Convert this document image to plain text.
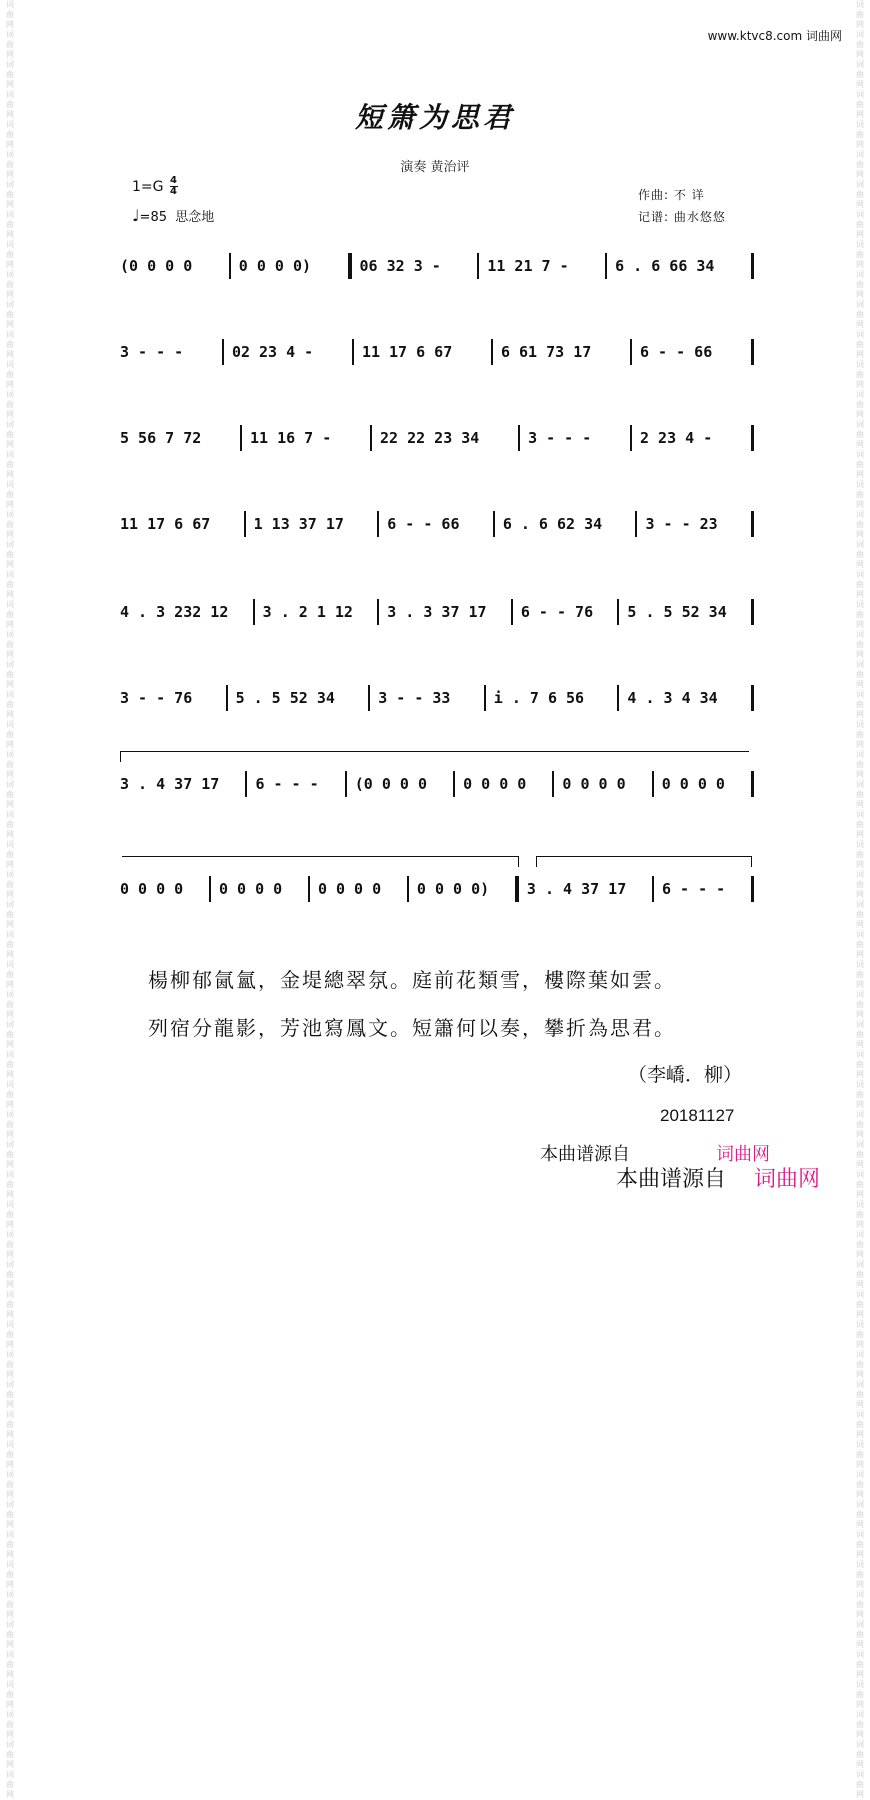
词
曲
网
词
曲
网
词
曲
网
词
曲
网
词
曲
网
词
曲
网
词
曲
网
词
曲
网
词
曲
网
词
曲
网
词
曲
网
词
曲
网
词
曲
网
词
曲
网
词
曲
网
词
曲
网
词
曲
网
词
曲
网
词
曲
网
词
曲
网
词
曲
网
词
曲
网
词
曲
网
词
曲
网
词
曲
网
词
曲
网
词
曲
网
词
曲
网
词
曲
网
词
曲
网
词
曲
网
词
曲
网
词
曲
网
词
曲
网
词
曲
网
词
曲
网
词
曲
网
词
曲
网
词
曲
网
词
曲
网
词
曲
网
词
曲
网
词
曲
网
词
曲
网
词
曲
网
词
曲
网
词
曲
网
词
曲
网
词
曲
网
词
曲
网
词
曲
网
词
曲
网
词
曲
网
词
曲
网
词
曲
网
词
曲
网
词
曲
网
词
曲
网
词
曲
网
词
曲
网
词
曲
网
词
曲
网
词
曲
网
词
曲
网
词
曲
网
词
曲
网
词
曲
网
词
曲
网
词
曲
网
词
曲
网
词
曲
网
词
曲
网
词
曲
网
词
曲
网
词
曲
网
词
曲
网
词
曲
网
词
曲
网
词
曲
网
词
曲
网
词
曲
网
词
曲
网
词
曲
网
词
曲
网
词
曲
网
词
曲
网
词
曲
网
词
曲
网
词
曲
网
词
曲
网
词
曲
网
词
曲
网
词
曲
网
词
曲
网
词
曲
网
词
曲
网
词
曲
网
词
曲
网
词
曲
网
词
曲
网
词
曲
网
词
曲
网
词
曲
网
词
曲
网
词
曲
网
词
曲
网
词
曲
网
词
曲
网
词
曲
网
词
曲
网
词
曲
网
词
曲
网
词
曲
网
词
曲
网
词
曲
网
词
曲
网
词
曲
网
词
曲
网
词
曲
网
词
曲
网
www.ktvc8.com 词曲网
短箫为思君
演奏 黄治评
1=G 4
4
♩=85 思念地
作曲: 不 详
记谱: 曲水悠悠
(0 0 0 0	0 0 0 0)	06 32 3 -	11 21 7 -	6 . 6 66 34
3 - - -	02 23 4 -	11 17 6 67	6 61 73 17	6 - - 66
5 56 7 72	11 16 7 -	22 22 23 34	3 - - -	2 23 4 -
11 17 6 67	1 13 37 17	6 - - 66	6 . 6 62 34	3 - - 23
4 . 3 232 12	3 . 2 1 12	3 . 3 37 17	6 - - 76	5 . 5 52 34
3 - - 76	5 . 5 52 34	3 - - 33	i . 7 6 56	4 . 3 4 34
3 . 4 37 17	6 - - -	(0 0 0 0	0 0 0 0	0 0 0 0	0 0 0 0
0 0 0 0	0 0 0 0	0 0 0 0	0 0 0 0)	3 . 4 37 17	6 - - -
楊柳郁氤氳，金堤總翠氛。庭前花類雪，樓際葉如雲。
列宿分龍影，芳池寫鳳文。短簫何以奏，攀折為思君。
（李嶠．柳）
20181127
本曲谱源自	词曲网
本曲谱源自 词曲网
